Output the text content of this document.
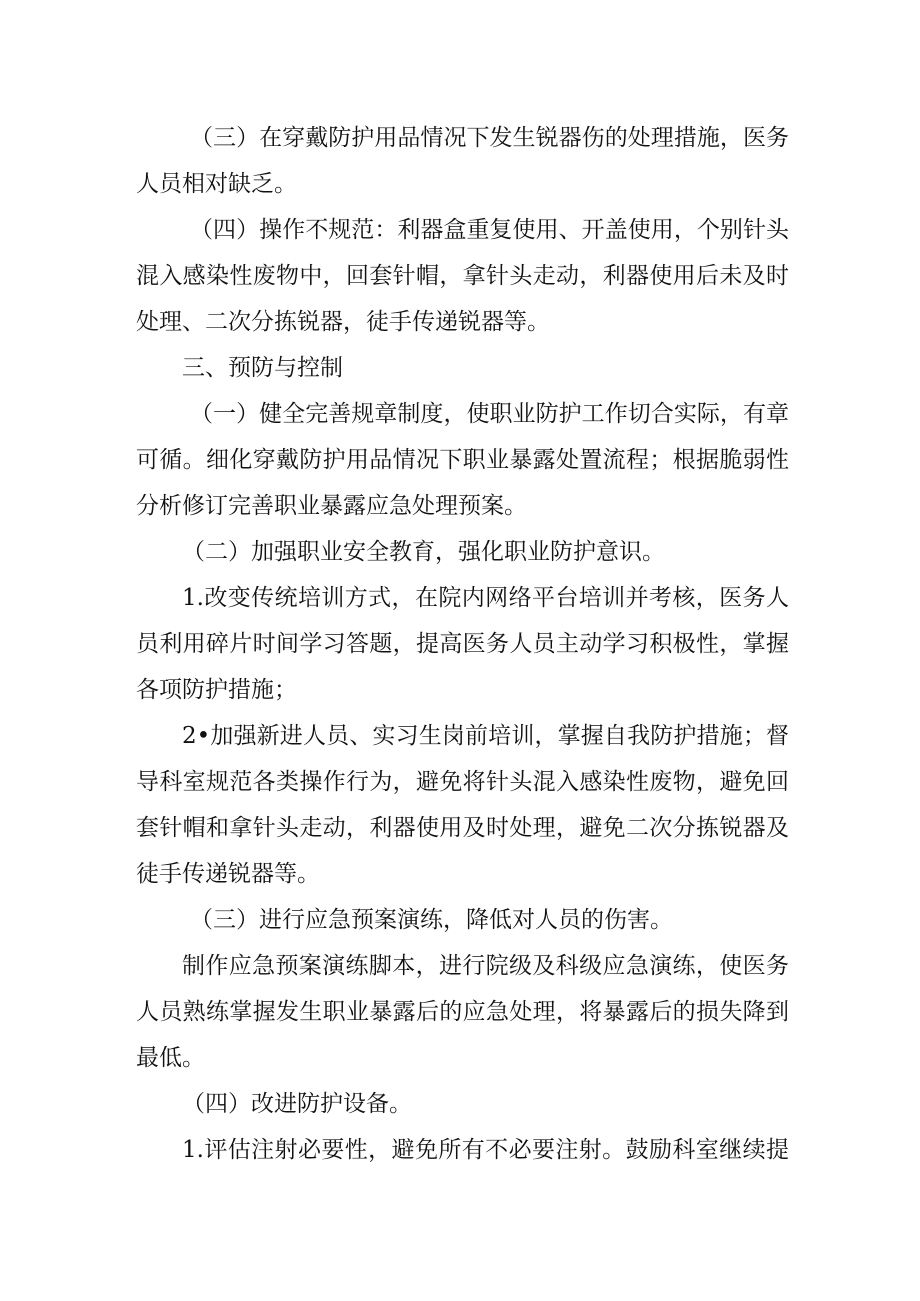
（三）在穿戴防护用品情况下发生锐器伤的处理措施，医务
人员相对缺乏。
（四）操作不规范：利器盒重复使用、开盖使用，个别针头
混入感染性废物中，回套针帽，拿针头走动，利器使用后未及时
处理、二次分拣锐器，徒手传递锐器等。
三、预防与控制
（一）健全完善规章制度，使职业防护工作切合实际，有章
可循。细化穿戴防护用品情况下职业暴露处置流程；根据脆弱性
分析修订完善职业暴露应急处理预案。
（二）加强职业安全教育，强化职业防护意识。
1.改变传统培训方式，在院内网络平台培训并考核，医务人
员利用碎片时间学习答题，提高医务人员主动学习积极性，掌握
各项防护措施；
2•加强新进人员、实习生岗前培训，掌握自我防护措施；督
导科室规范各类操作行为，避免将针头混入感染性废物，避免回
套针帽和拿针头走动，利器使用及时处理，避免二次分拣锐器及
徒手传递锐器等。
（三）进行应急预案演练，降低对人员的伤害。
制作应急预案演练脚本，进行院级及科级应急演练，使医务
人员熟练掌握发生职业暴露后的应急处理，将暴露后的损失降到
最低。
（四）改进防护设备。
1.评估注射必要性，避免所有不必要注射。鼓励科室继续提
